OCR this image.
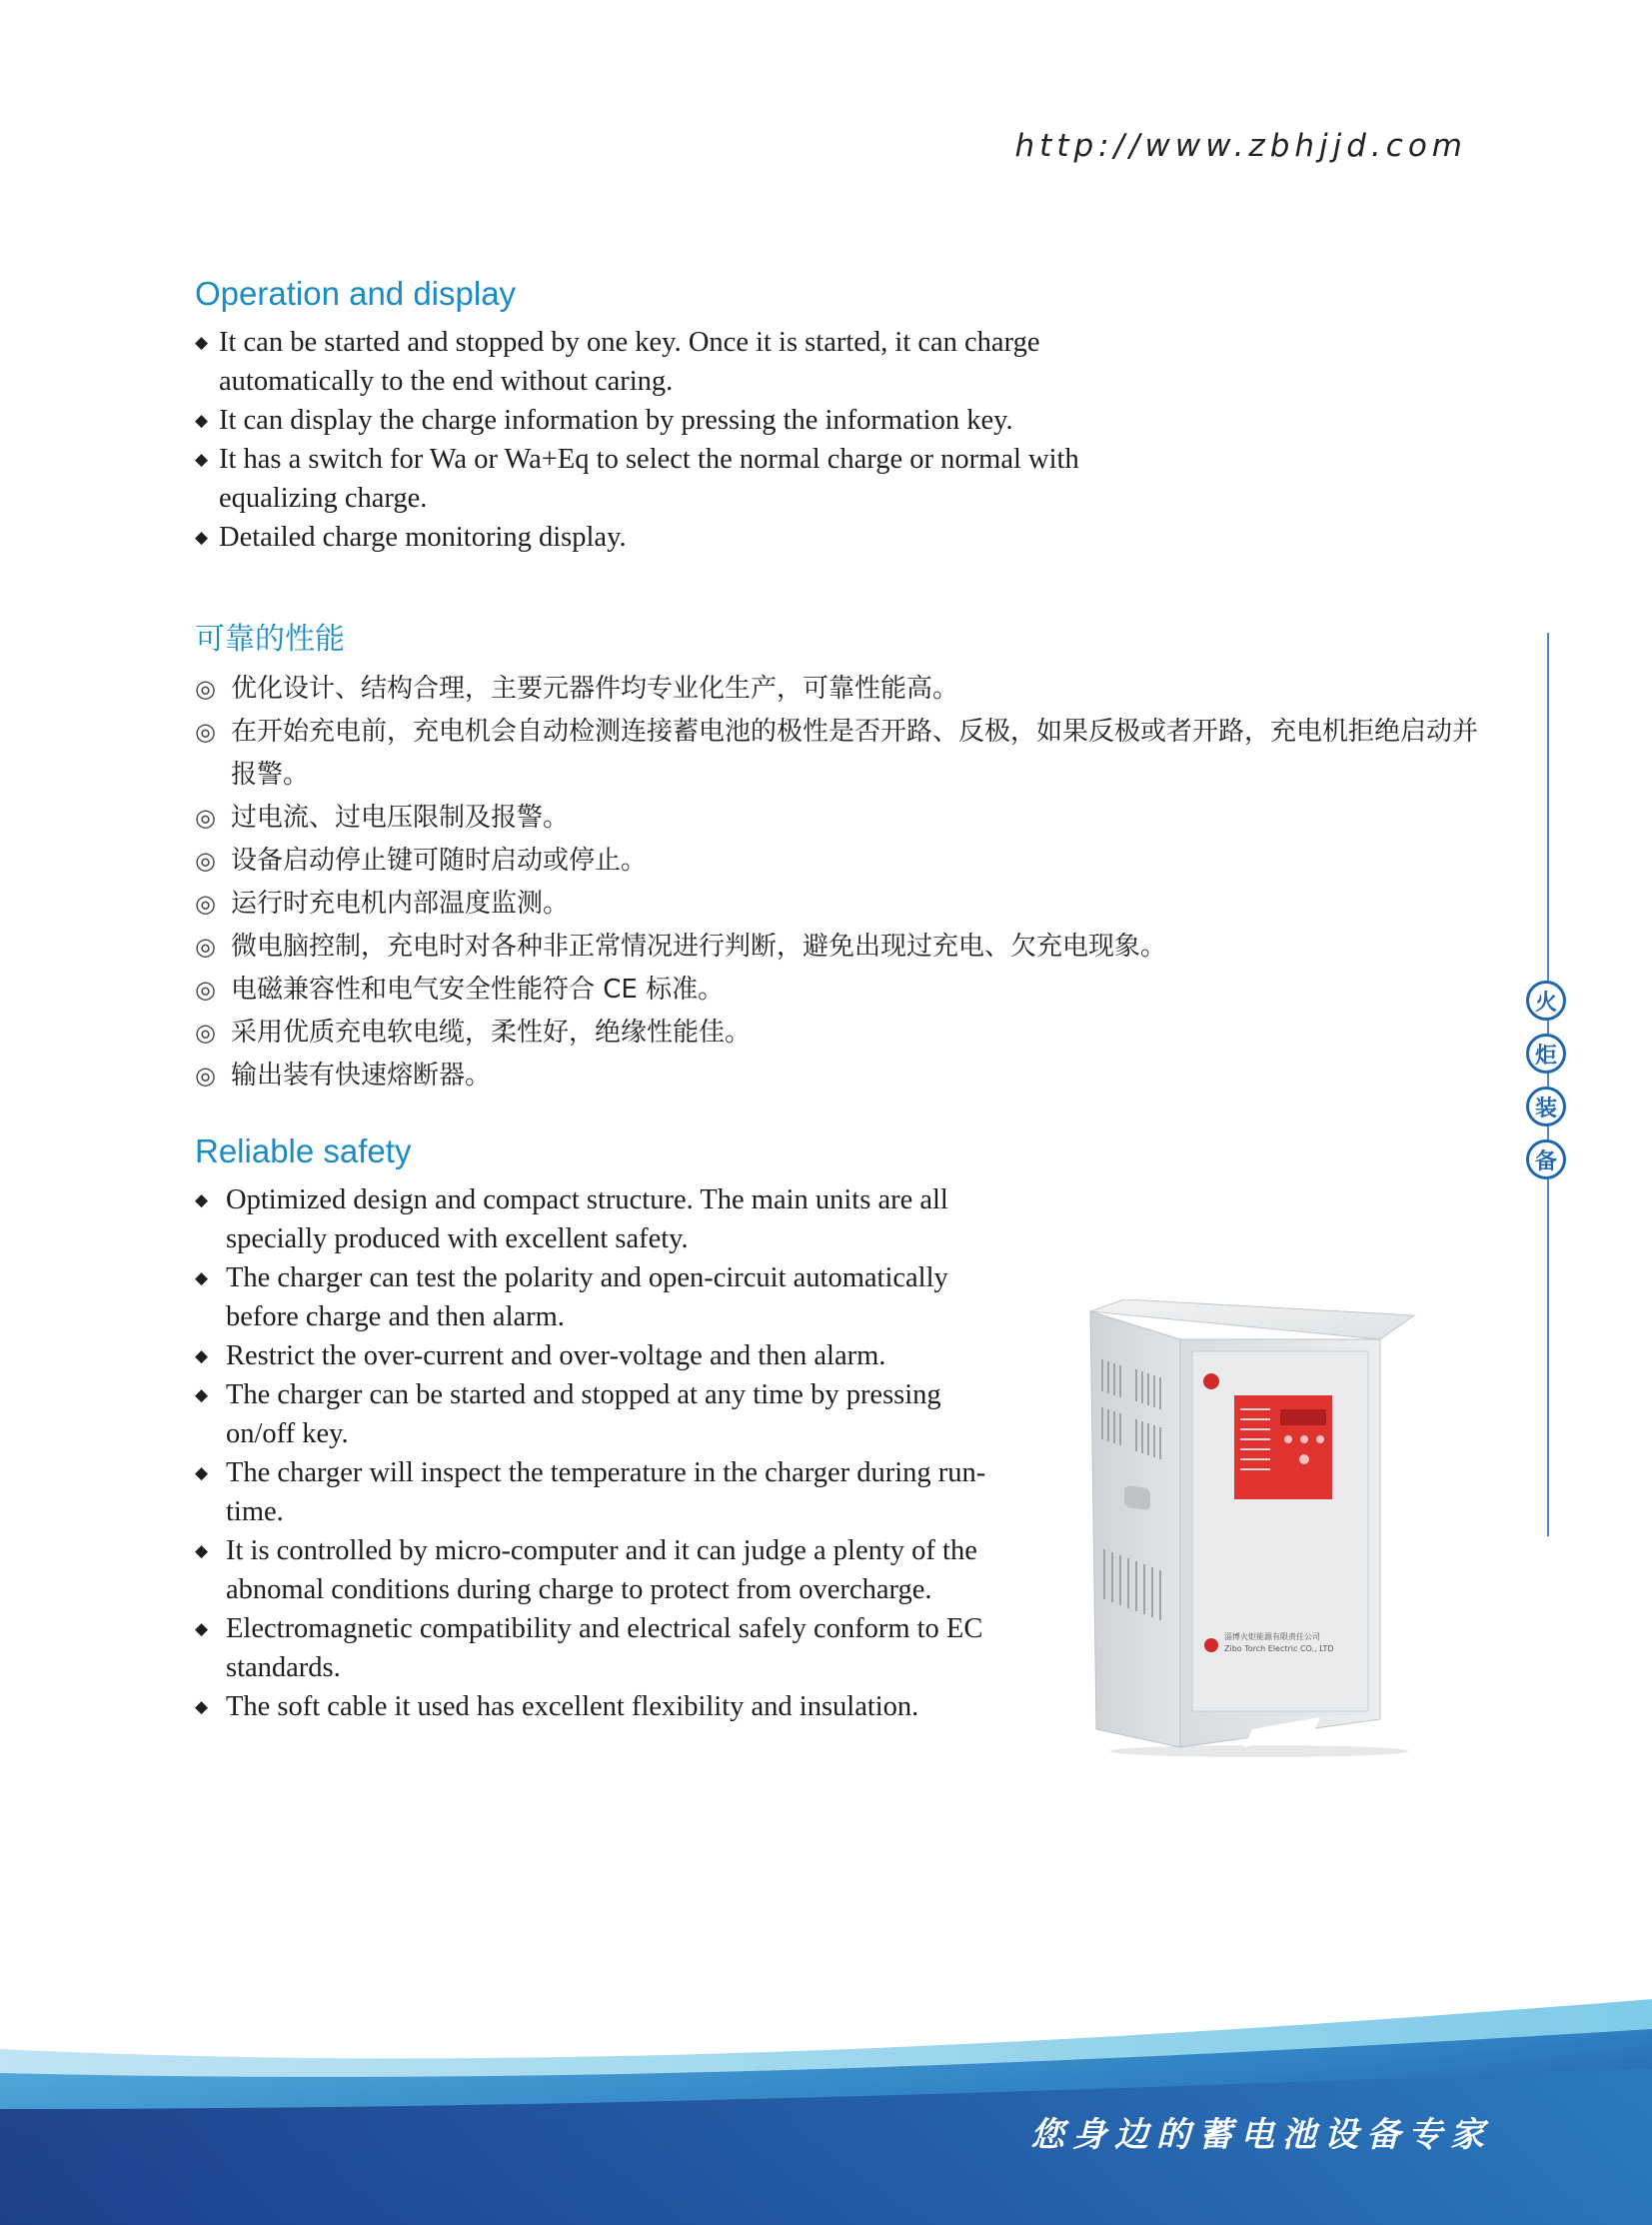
http://www.zbhjjd.com
Operation and display
◆ It can be started and stopped by one key. Once it is started, it can charge automatically to the end without caring.
◆ It can display the charge information by pressing the information key.
◆ It has a switch for Wa or Wa+Eq to select the normal charge or normal with equalizing charge.
◆ Detailed charge monitoring display.
可靠的性能
◎ 优化设计、结构合理，主要元器件均专业化生产，可靠性能高。
◎ 在开始充电前，充电机会自动检测连接蓄电池的极性是否开路、反极，如果反极或者开路，充电机拒绝启动并报警。
◎ 过电流、过电压限制及报警。
◎ 设备启动停止键可随时启动或停止。
◎ 运行时充电机内部温度监测。
◎ 微电脑控制，充电时对各种非正常情况进行判断，避免出现过充电、欠充电现象。
◎ 电磁兼容性和电气安全性能符合 CE 标准。
◎ 采用优质充电软电缆，柔性好，绝缘性能佳。
◎ 输出装有快速熔断器。
Reliable safety
◆ Optimized design and compact structure. The main units are all specially produced with excellent safety.
◆ The charger can test the polarity and open-circuit automatically before charge and then alarm.
◆ Restrict the over-current and over-voltage and then alarm.
◆ The charger can be started and stopped at any time by pressing on/off key.
◆ The charger will inspect the temperature in the charger during run-time.
◆ It is controlled by micro-computer and it can judge a plenty of the abnomal conditions during charge to protect from overcharge.
◆ Electromagnetic compatibility and electrical safely conform to EC standards.
◆ The soft cable it used has excellent flexibility and insulation.
火
炬
装
备
淄博火炬能源有限责任公司
Zibo Torch Electric CO., LTD
您身边的蓄电池设备专家
